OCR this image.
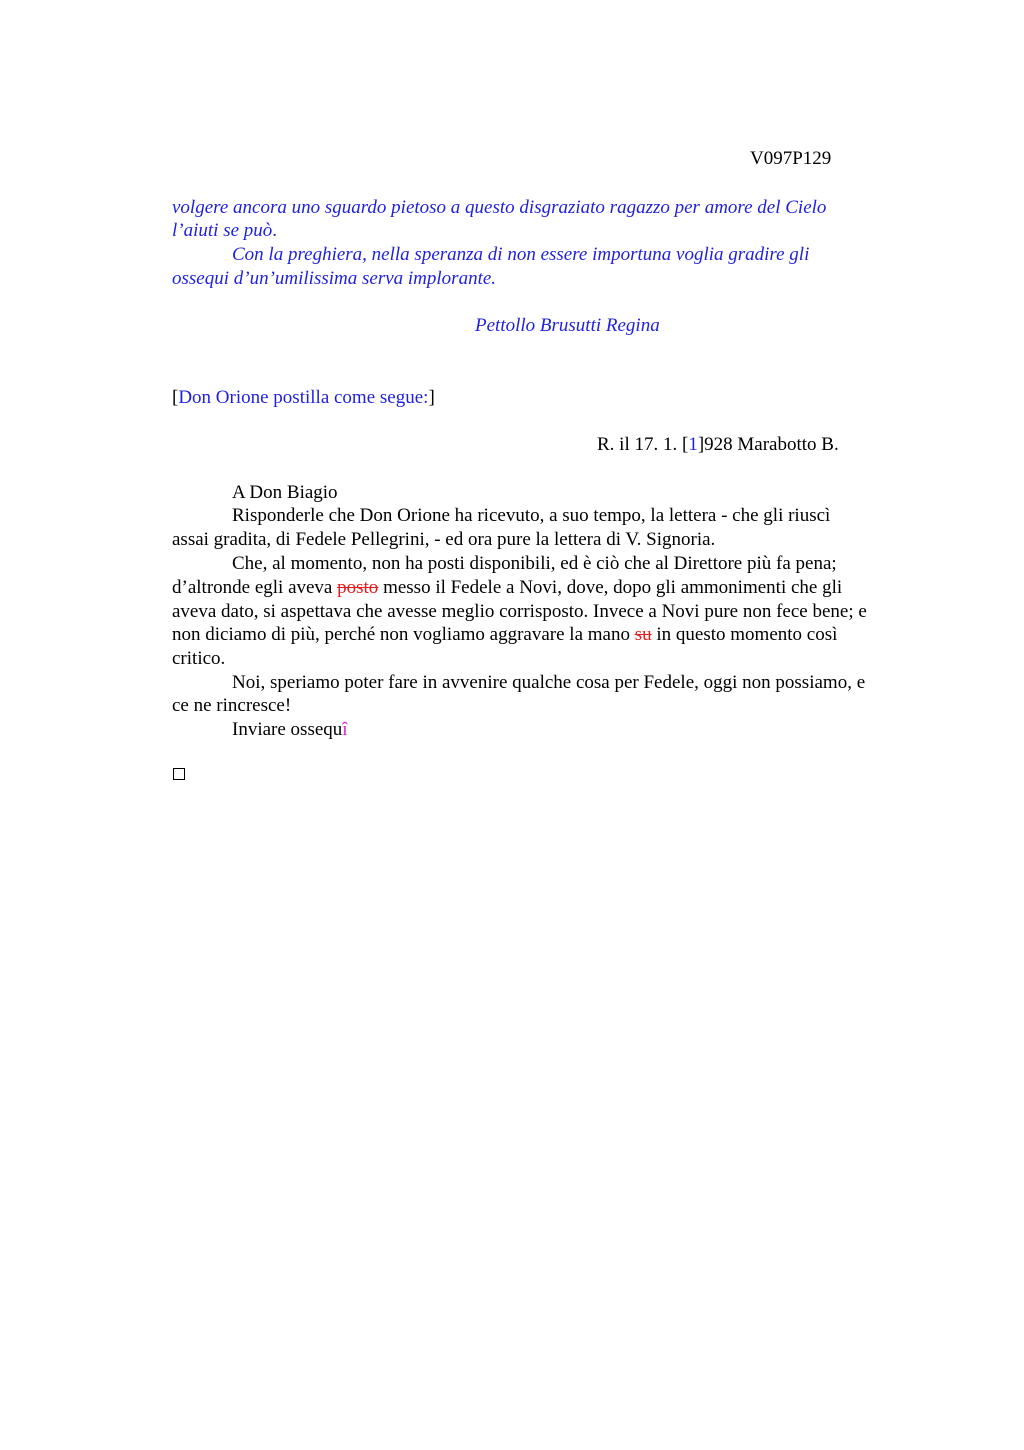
V097P129
volgere ancora uno sguardo pietoso a questo disgraziato ragazzo per amore del Cielo
l’aiuti se può.
Con la preghiera, nella speranza di non essere importuna voglia gradire gli
ossequi d’un’umilissima serva implorante.
Pettollo Brusutti Regina
[Don Orione postilla come segue:]
R. il 17. 1. [1]928 Marabotto B.
A Don Biagio
Risponderle che Don Orione ha ricevuto, a suo tempo, la lettera - che gli riuscì
assai gradita, di Fedele Pellegrini, - ed ora pure la lettera di V. Signoria.
Che, al momento, non ha posti disponibili, ed è ciò che al Direttore più fa pena;
d’altronde egli aveva posto messo il Fedele a Novi, dove, dopo gli ammonimenti che gli
aveva dato, si aspettava che avesse meglio corrisposto. Invece a Novi pure non fece bene; e
non diciamo di più, perché non vogliamo aggravare la mano su in questo momento così
critico.
Noi, speriamo poter fare in avvenire qualche cosa per Fedele, oggi non possiamo, e
ce ne rincresce!
Inviare ossequî
